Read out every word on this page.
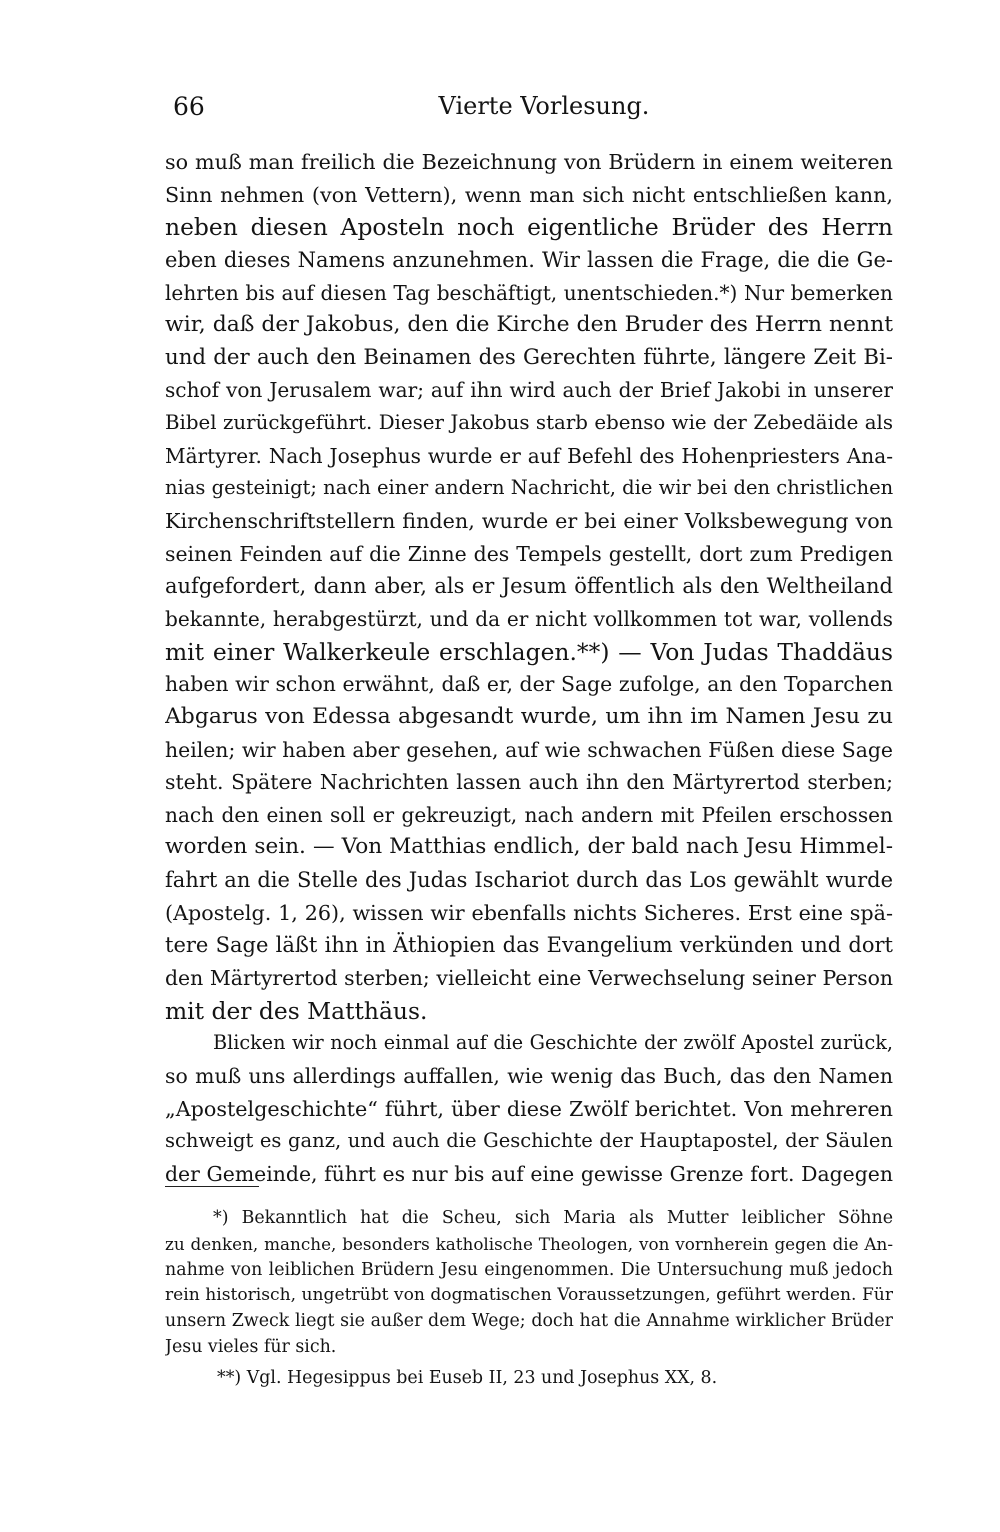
66	Vierte Vorlesung.
so muß man freilich die Bezeichnung von Brüdern in einem weiteren
Sinn nehmen (von Vettern), wenn man sich nicht entschließen kann,
neben diesen Aposteln noch eigentliche Brüder des Herrn
eben dieses Namens anzunehmen. Wir lassen die Frage, die die Ge-
lehrten bis auf diesen Tag beschäftigt, unentschieden.*) Nur bemerken
wir, daß der Jakobus, den die Kirche den Bruder des Herrn nennt
und der auch den Beinamen des Gerechten führte, längere Zeit Bi-
schof von Jerusalem war; auf ihn wird auch der Brief Jakobi in unserer
Bibel zurückgeführt. Dieser Jakobus starb ebenso wie der Zebedäide als
Märtyrer. Nach Josephus wurde er auf Befehl des Hohenpriesters Ana-
nias gesteinigt; nach einer andern Nachricht, die wir bei den christlichen
Kirchenschriftstellern finden, wurde er bei einer Volksbewegung von
seinen Feinden auf die Zinne des Tempels gestellt, dort zum Predigen
aufgefordert, dann aber, als er Jesum öffentlich als den Weltheiland
bekannte, herabgestürzt, und da er nicht vollkommen tot war, vollends
mit einer Walkerkeule erschlagen.**) — Von Judas Thaddäus
haben wir schon erwähnt, daß er, der Sage zufolge, an den Toparchen
Abgarus von Edessa abgesandt wurde, um ihn im Namen Jesu zu
heilen; wir haben aber gesehen, auf wie schwachen Füßen diese Sage
steht. Spätere Nachrichten lassen auch ihn den Märtyrertod sterben;
nach den einen soll er gekreuzigt, nach andern mit Pfeilen erschossen
worden sein. — Von Matthias endlich, der bald nach Jesu Himmel-
fahrt an die Stelle des Judas Ischariot durch das Los gewählt wurde
(Apostelg. 1, 26), wissen wir ebenfalls nichts Sicheres. Erst eine spä-
tere Sage läßt ihn in Äthiopien das Evangelium verkünden und dort
den Märtyrertod sterben; vielleicht eine Verwechselung seiner Person
mit der des Matthäus.
Blicken wir noch einmal auf die Geschichte der zwölf Apostel zurück,
so muß uns allerdings auffallen, wie wenig das Buch, das den Namen
„Apostelgeschichte“ führt, über diese Zwölf berichtet. Von mehreren
schweigt es ganz, und auch die Geschichte der Hauptapostel, der Säulen
der Gemeinde, führt es nur bis auf eine gewisse Grenze fort. Dagegen
*) Bekanntlich hat die Scheu, sich Maria als Mutter leiblicher Söhne
zu denken, manche, besonders katholische Theologen, von vornherein gegen die An-
nahme von leiblichen Brüdern Jesu eingenommen. Die Untersuchung muß jedoch
rein historisch, ungetrübt von dogmatischen Voraussetzungen, geführt werden. Für
unsern Zweck liegt sie außer dem Wege; doch hat die Annahme wirklicher Brüder
Jesu vieles für sich.
**) Vgl. Hegesippus bei Euseb II, 23 und Josephus XX, 8.
